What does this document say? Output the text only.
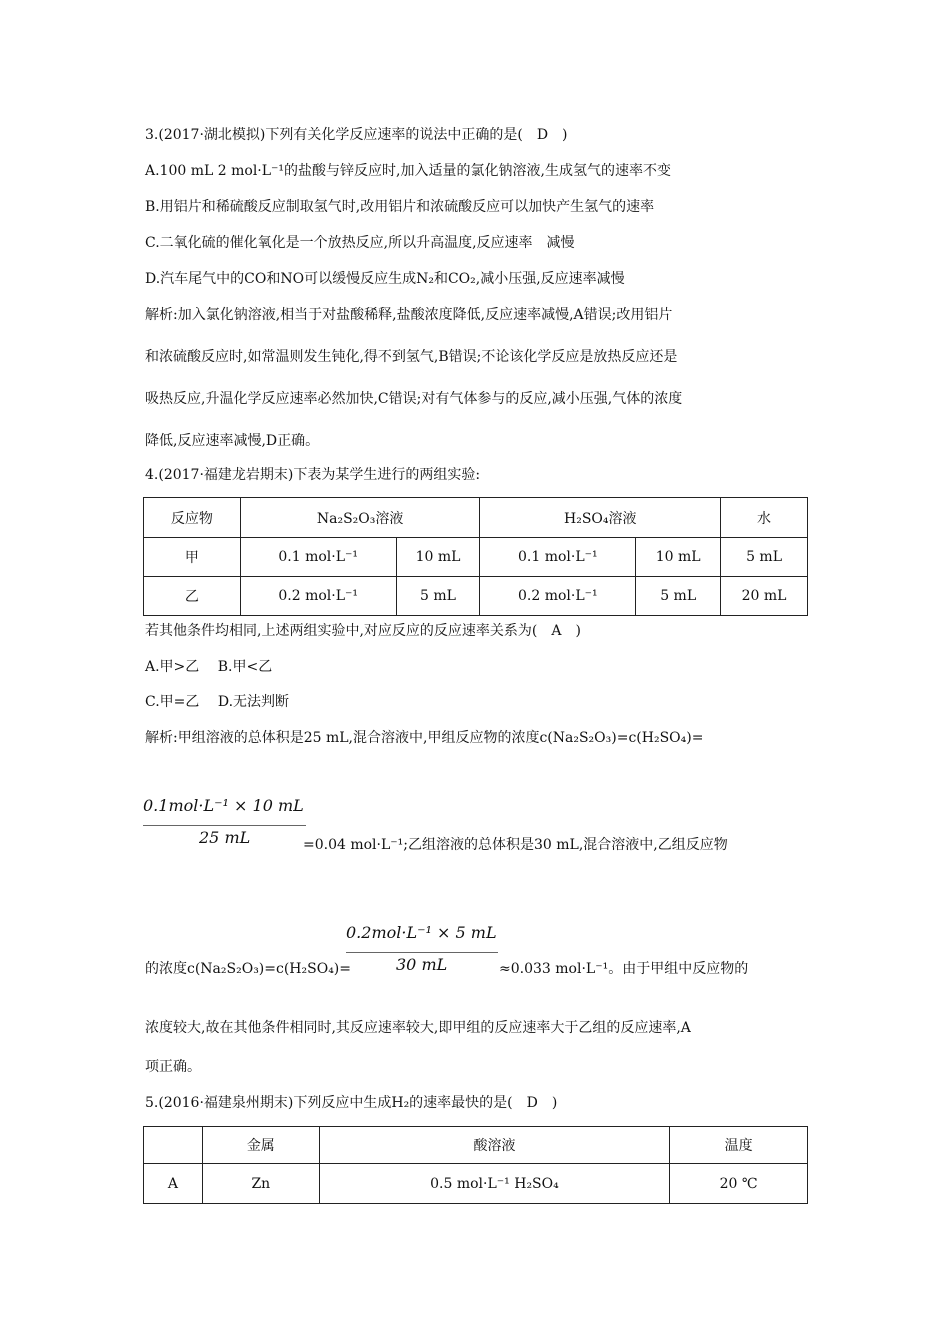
3.(2017·湖北模拟)下列有关化学反应速率的说法中正确的是(　D　)
A.100 mL 2 mol·L⁻¹的盐酸与锌反应时,加入适量的氯化钠溶液,生成氢气的速率不变
B.用铝片和稀硫酸反应制取氢气时,改用铝片和浓硫酸反应可以加快产生氢气的速率
C.二氧化硫的催化氧化是一个放热反应,所以升高温度,反应速率　减慢
D.汽车尾气中的CO和NO可以缓慢反应生成N₂和CO₂,减小压强,反应速率减慢
解析:加入氯化钠溶液,相当于对盐酸稀释,盐酸浓度降低,反应速率减慢,A错误;改用铝片
和浓硫酸反应时,如常温则发生钝化,得不到氢气,B错误;不论该化学反应是放热反应还是
吸热反应,升温化学反应速率必然加快,C错误;对有气体参与的反应,减小压强,气体的浓度
降低,反应速率减慢,D正确。
4.(2017·福建龙岩期末)下表为某学生进行的两组实验:
反应物	Na₂S₂O₃溶液		H₂SO₄溶液		水
甲	0.1 mol·L⁻¹	10 mL	0.1 mol·L⁻¹	10 mL	5 mL
乙	0.2 mol·L⁻¹	5 mL	0.2 mol·L⁻¹	5 mL	20 mL
若其他条件均相同,上述两组实验中,对应反应的反应速率关系为(　A　)
A.甲>乙　 B.甲<乙
C.甲=乙　 D.无法判断
解析:甲组溶液的总体积是25 mL,混合溶液中,甲组反应物的浓度c(Na₂S₂O₃)=c(H₂SO₄)=
0.1mol·L⁻¹ × 10 mL
25 mL	=0.04 mol·L⁻¹;乙组溶液的总体积是30 mL,混合溶液中,乙组反应物
的浓度c(Na₂S₂O₃)=c(H₂SO₄)=
0.2mol·L⁻¹ × 5 mL
30 mL	≈0.033 mol·L⁻¹。由于甲组中反应物的
浓度较大,故在其他条件相同时,其反应速率较大,即甲组的反应速率大于乙组的反应速率,A
项正确。
5.(2016·福建泉州期末)下列反应中生成H₂的速率最快的是(　D　)
	金属	酸溶液	温度
A	Zn	0.5 mol·L⁻¹ H₂SO₄	20 ℃
